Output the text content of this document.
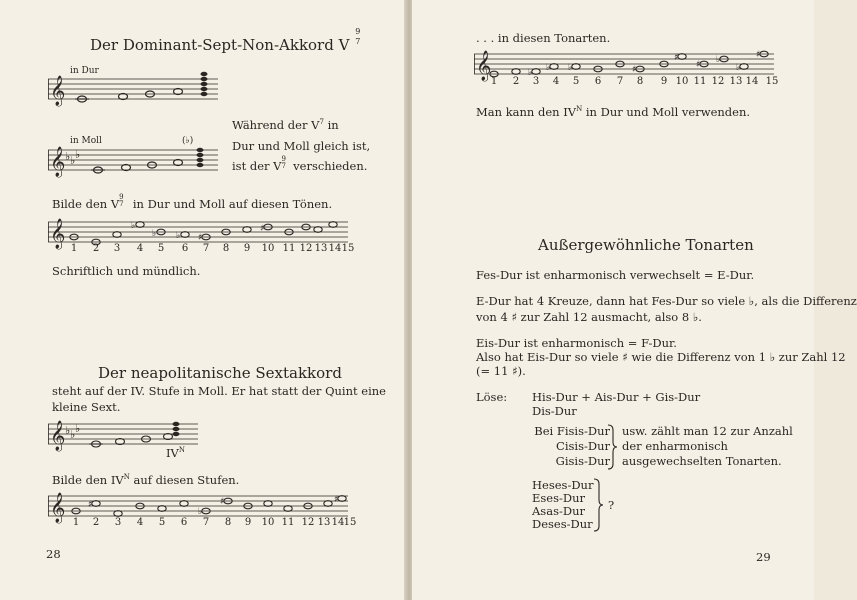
Der Dominant-Sept-Non-Akkord V
9
7
in Dur
𝄞
in Moll	(♭)
𝄞 ♭ ♭ ♭
Während der $V^7$ in
Dur und Moll gleich ist,
ist der V 9
7 verschieden.
Bilde den V 9
7 in Dur und Moll auf diesen Tönen.
𝄞	♭
♭ ♭ ♯
♯
1 2 3 4 5 6 7 8 9 10 11 12 13 14 15
Schriftlich und mündlich.
Der neapolitanische Sextakkord
steht auf der IV. Stufe in Moll. Er hat statt der Quint eine
kleine Sext.
𝄞 ♭ ♭ ♭
$IV^N$
Bilde den $IV^N$ auf diesen Stufen.
𝄞	♯
♭
♯	♯
1 2 3 4 5 6 7 8 9 10 11 12 13 14 15
28
. . . in diesen Tonarten.
𝄞	♭ ♭ ♭	♯
♯
♯ ♭
♭
♯
1 2 3 4 5 6 7 8 9 10 11 12 13 14 15
Man kann den $IV^N$ in Dur und Moll verwenden.
Außergewöhnliche Tonarten
Fes-Dur ist enharmonisch verwechselt = E-Dur.
E-Dur hat 4 Kreuze, dann hat Fes-Dur so viele ♭, als die Differenz
von 4 ♯ zur Zahl 12 ausmacht, also 8 ♭.
Eis-Dur ist enharmonisch = F-Dur.
Also hat Eis-Dur so viele ♯ wie die Differenz von 1 ♭ zur Zahl 12
(= 11 ♯).
Löse: His-Dur + Ais-Dur + Gis-Dur
Dis-Dur
Bei Fisis-Dur
Cisis-Dur
Gisis-Dur
usw. zählt man 12 zur Anzahl
der enharmonisch
ausgewechselten Tonarten.
Heses-Dur
Eses-Dur
Asas-Dur
Deses-Dur
?
29
